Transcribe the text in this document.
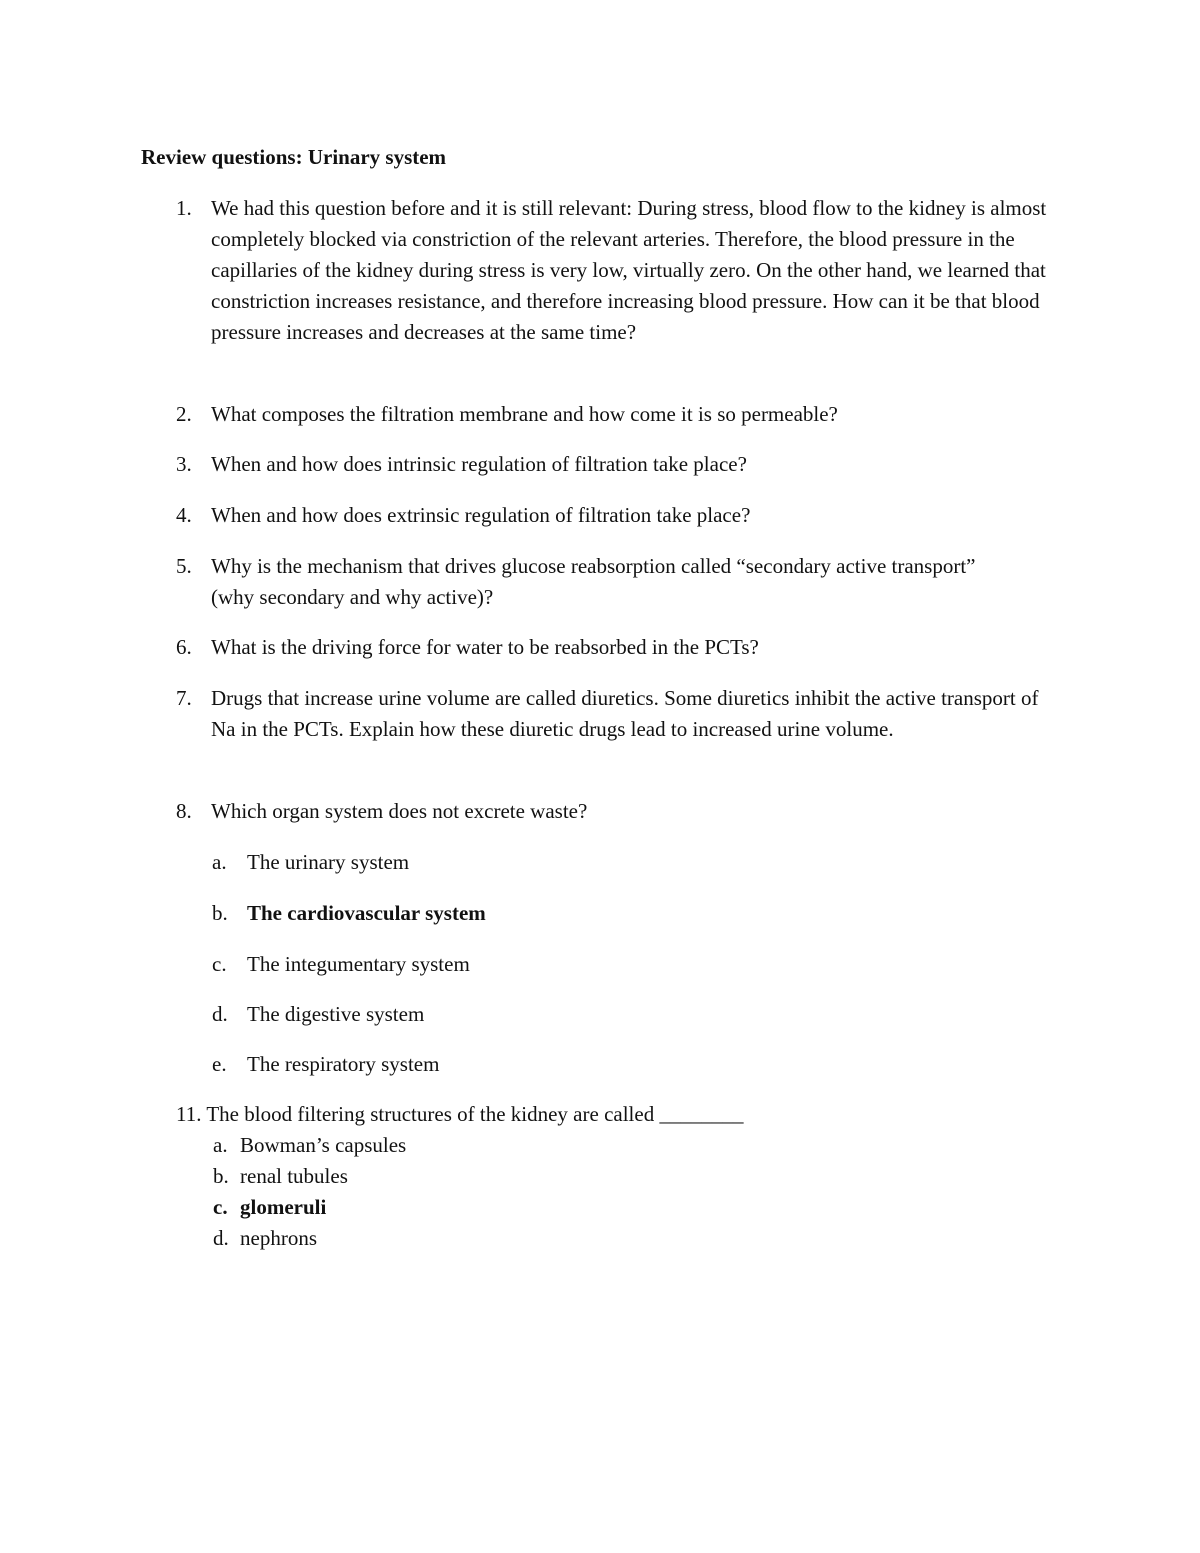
Review questions: Urinary system
1. We had this question before and it is still relevant: During stress, blood flow to the kidney is almost completely blocked via constriction of the relevant arteries. Therefore, the blood pressure in the capillaries of the kidney during stress is very low, virtually zero. On the other hand, we learned that constriction increases resistance, and therefore increasing blood pressure. How can it be that blood pressure increases and decreases at the same time?
2. What composes the filtration membrane and how come it is so permeable?
3. When and how does intrinsic regulation of filtration take place?
4. When and how does extrinsic regulation of filtration take place?
5. Why is the mechanism that drives glucose reabsorption called “secondary active transport” (why secondary and why active)?
6. What is the driving force for water to be reabsorbed in the PCTs?
7. Drugs that increase urine volume are called diuretics. Some diuretics inhibit the active transport of Na in the PCTs. Explain how these diuretic drugs lead to increased urine volume.
8. Which organ system does not excrete waste?
a. The urinary system
b. The cardiovascular system
c. The integumentary system
d. The digestive system
e. The respiratory system
11. The blood filtering structures of the kidney are called ________
a. Bowman’s capsules
b. renal tubules
c. glomeruli
d. nephrons
